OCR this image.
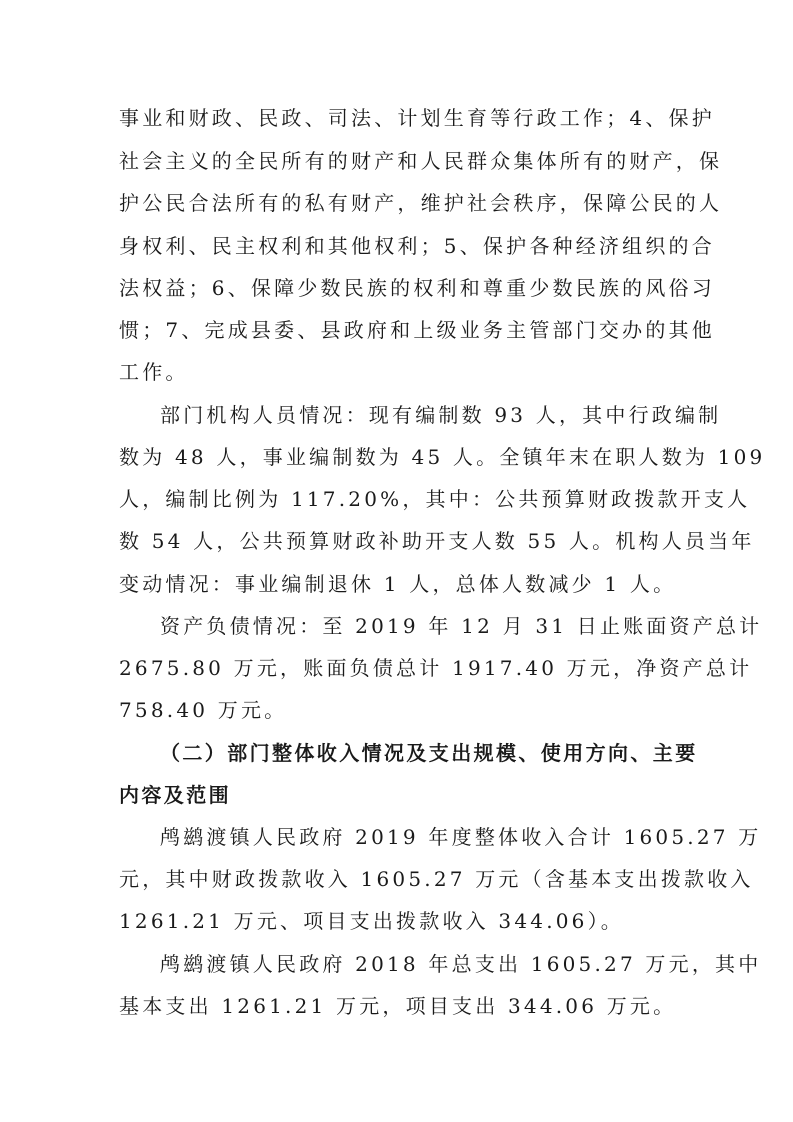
事业和财政、民政、司法、计划生育等行政工作；4、保护
社会主义的全民所有的财产和人民群众集体所有的财产，保
护公民合法所有的私有财产，维护社会秩序，保障公民的人
身权利、民主权利和其他权利；5、保护各种经济组织的合
法权益；6、保障少数民族的权利和尊重少数民族的风俗习
惯；7、完成县委、县政府和上级业务主管部门交办的其他
工作。
部门机构人员情况：现有编制数 93 人，其中行政编制
数为 48 人，事业编制数为 45 人。全镇年末在职人数为 109
人，编制比例为 117.20%，其中：公共预算财政拨款开支人
数 54 人，公共预算财政补助开支人数 55 人。机构人员当年
变动情况：事业编制退休 1 人，总体人数减少 1 人。
资产负债情况：至 2019 年 12 月 31 日止账面资产总计
2675.80 万元，账面负债总计 1917.40 万元，净资产总计
758.40 万元。
（二）部门整体收入情况及支出规模、使用方向、主要
内容及范围
鸬鹚渡镇人民政府 2019 年度整体收入合计 1605.27 万
元，其中财政拨款收入 1605.27 万元（含基本支出拨款收入
1261.21 万元、项目支出拨款收入 344.06）。
鸬鹚渡镇人民政府 2018 年总支出 1605.27 万元，其中
基本支出 1261.21 万元，项目支出 344.06 万元。
